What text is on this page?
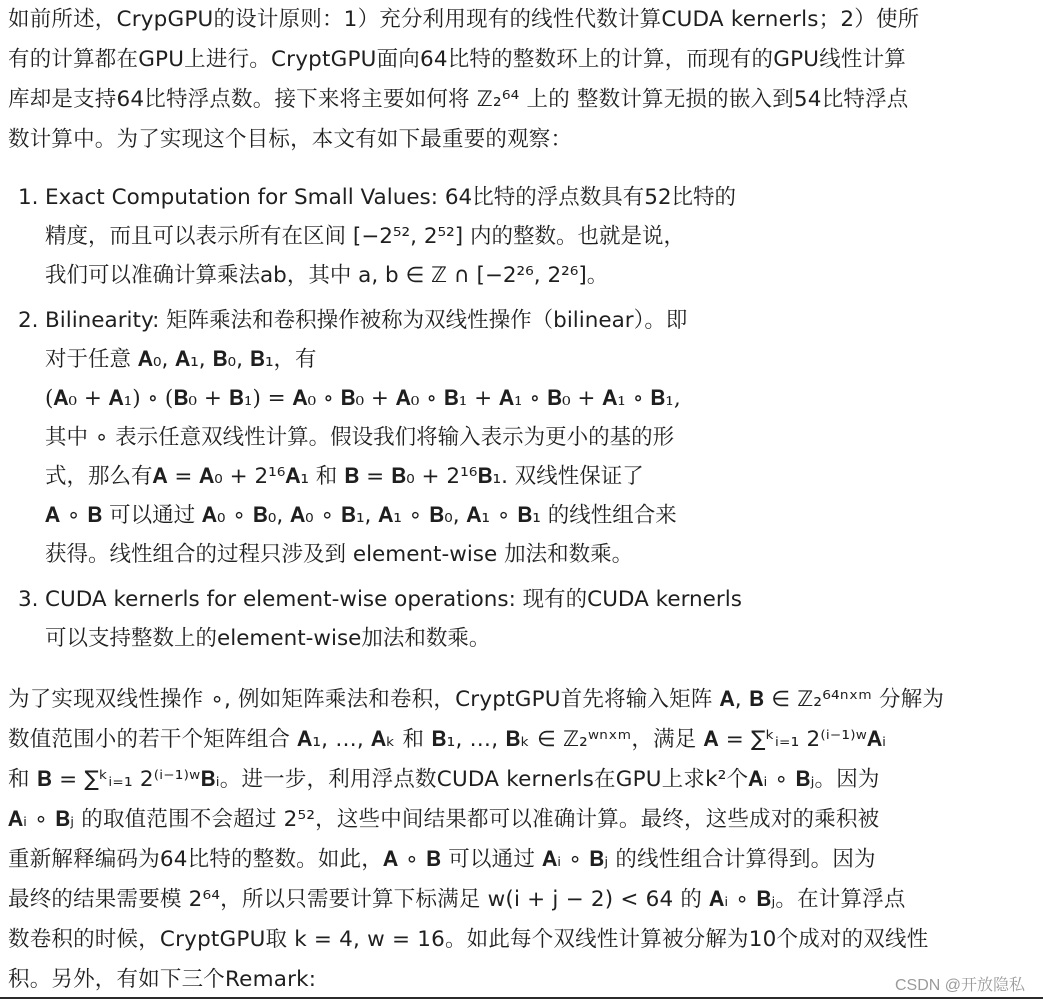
如前所述，CrypGPU的设计原则：1）充分利用现有的线性代数计算CUDA kernerls；2）使所
有的计算都在GPU上进行。CryptGPU面向64比特的整数环上的计算，而现有的GPU线性计算
库却是支持64比特浮点数。接下来将主要如何将 ℤ₂⁶⁴ 上的 整数计算无损的嵌入到54比特浮点
数计算中。为了实现这个目标，本文有如下最重要的观察：

1. Exact Computation for Small Values: 64比特的浮点数具有52比特的
精度，而且可以表示所有在区间 [−2⁵², 2⁵²] 内的整数。也就是说，
我们可以准确计算乘法ab，其中 a, b ∈ ℤ ∩ [−2²⁶, 2²⁶]。
2. Bilinearity: 矩阵乘法和卷积操作被称为双线性操作（bilinear）。即
对于任意 𝐀₀, 𝐀₁, 𝐁₀, 𝐁₁，有
(𝐀₀ + 𝐀₁) ∘ (𝐁₀ + 𝐁₁) = 𝐀₀ ∘ 𝐁₀ + 𝐀₀ ∘ 𝐁₁ + 𝐀₁ ∘ 𝐁₀ + 𝐀₁ ∘ 𝐁₁,
其中 ∘ 表示任意双线性计算。假设我们将输入表示为更小的基的形
式，那么有𝐀 = 𝐀₀ + 2¹⁶𝐀₁ 和 𝐁 = 𝐁₀ + 2¹⁶𝐁₁. 双线性保证了
𝐀 ∘ 𝐁 可以通过 𝐀₀ ∘ 𝐁₀, 𝐀₀ ∘ 𝐁₁, 𝐀₁ ∘ 𝐁₀, 𝐀₁ ∘ 𝐁₁ 的线性组合来
获得。线性组合的过程只涉及到 element-wise 加法和数乘。
3. CUDA kernerls for element-wise operations: 现有的CUDA kernerls
可以支持整数上的element-wise加法和数乘。

为了实现双线性操作 ∘, 例如矩阵乘法和卷积，CryptGPU首先将输入矩阵 𝐀, 𝐁 ∈ ℤ₂⁶⁴ⁿˣᵐ 分解为
数值范围小的若干个矩阵组合 𝐀₁, …, 𝐀ₖ 和 𝐁₁, …, 𝐁ₖ ∈ ℤ₂ʷⁿˣᵐ，满足 𝐀 = ∑ᵏᵢ₌₁ 2⁽ⁱ⁻¹⁾ʷ𝐀ᵢ
和 𝐁 = ∑ᵏᵢ₌₁ 2⁽ⁱ⁻¹⁾ʷ𝐁ᵢ。进一步，利用浮点数CUDA kernerls在GPU上求k²个𝐀ᵢ ∘ 𝐁ⱼ。因为
𝐀ᵢ ∘ 𝐁ⱼ 的取值范围不会超过 2⁵²，这些中间结果都可以准确计算。最终，这些成对的乘积被
重新解释编码为64比特的整数。如此，𝐀 ∘ 𝐁 可以通过 𝐀ᵢ ∘ 𝐁ⱼ 的线性组合计算得到。因为
最终的结果需要模 2⁶⁴，所以只需要计算下标满足 w(i + j − 2) < 64 的 𝐀ᵢ ∘ 𝐁ⱼ。在计算浮点
数卷积的时候，CryptGPU取 k = 4, w = 16。如此每个双线性计算被分解为10个成对的双线性
积。另外，有如下三个Remark:	CSDN @开放隐私
